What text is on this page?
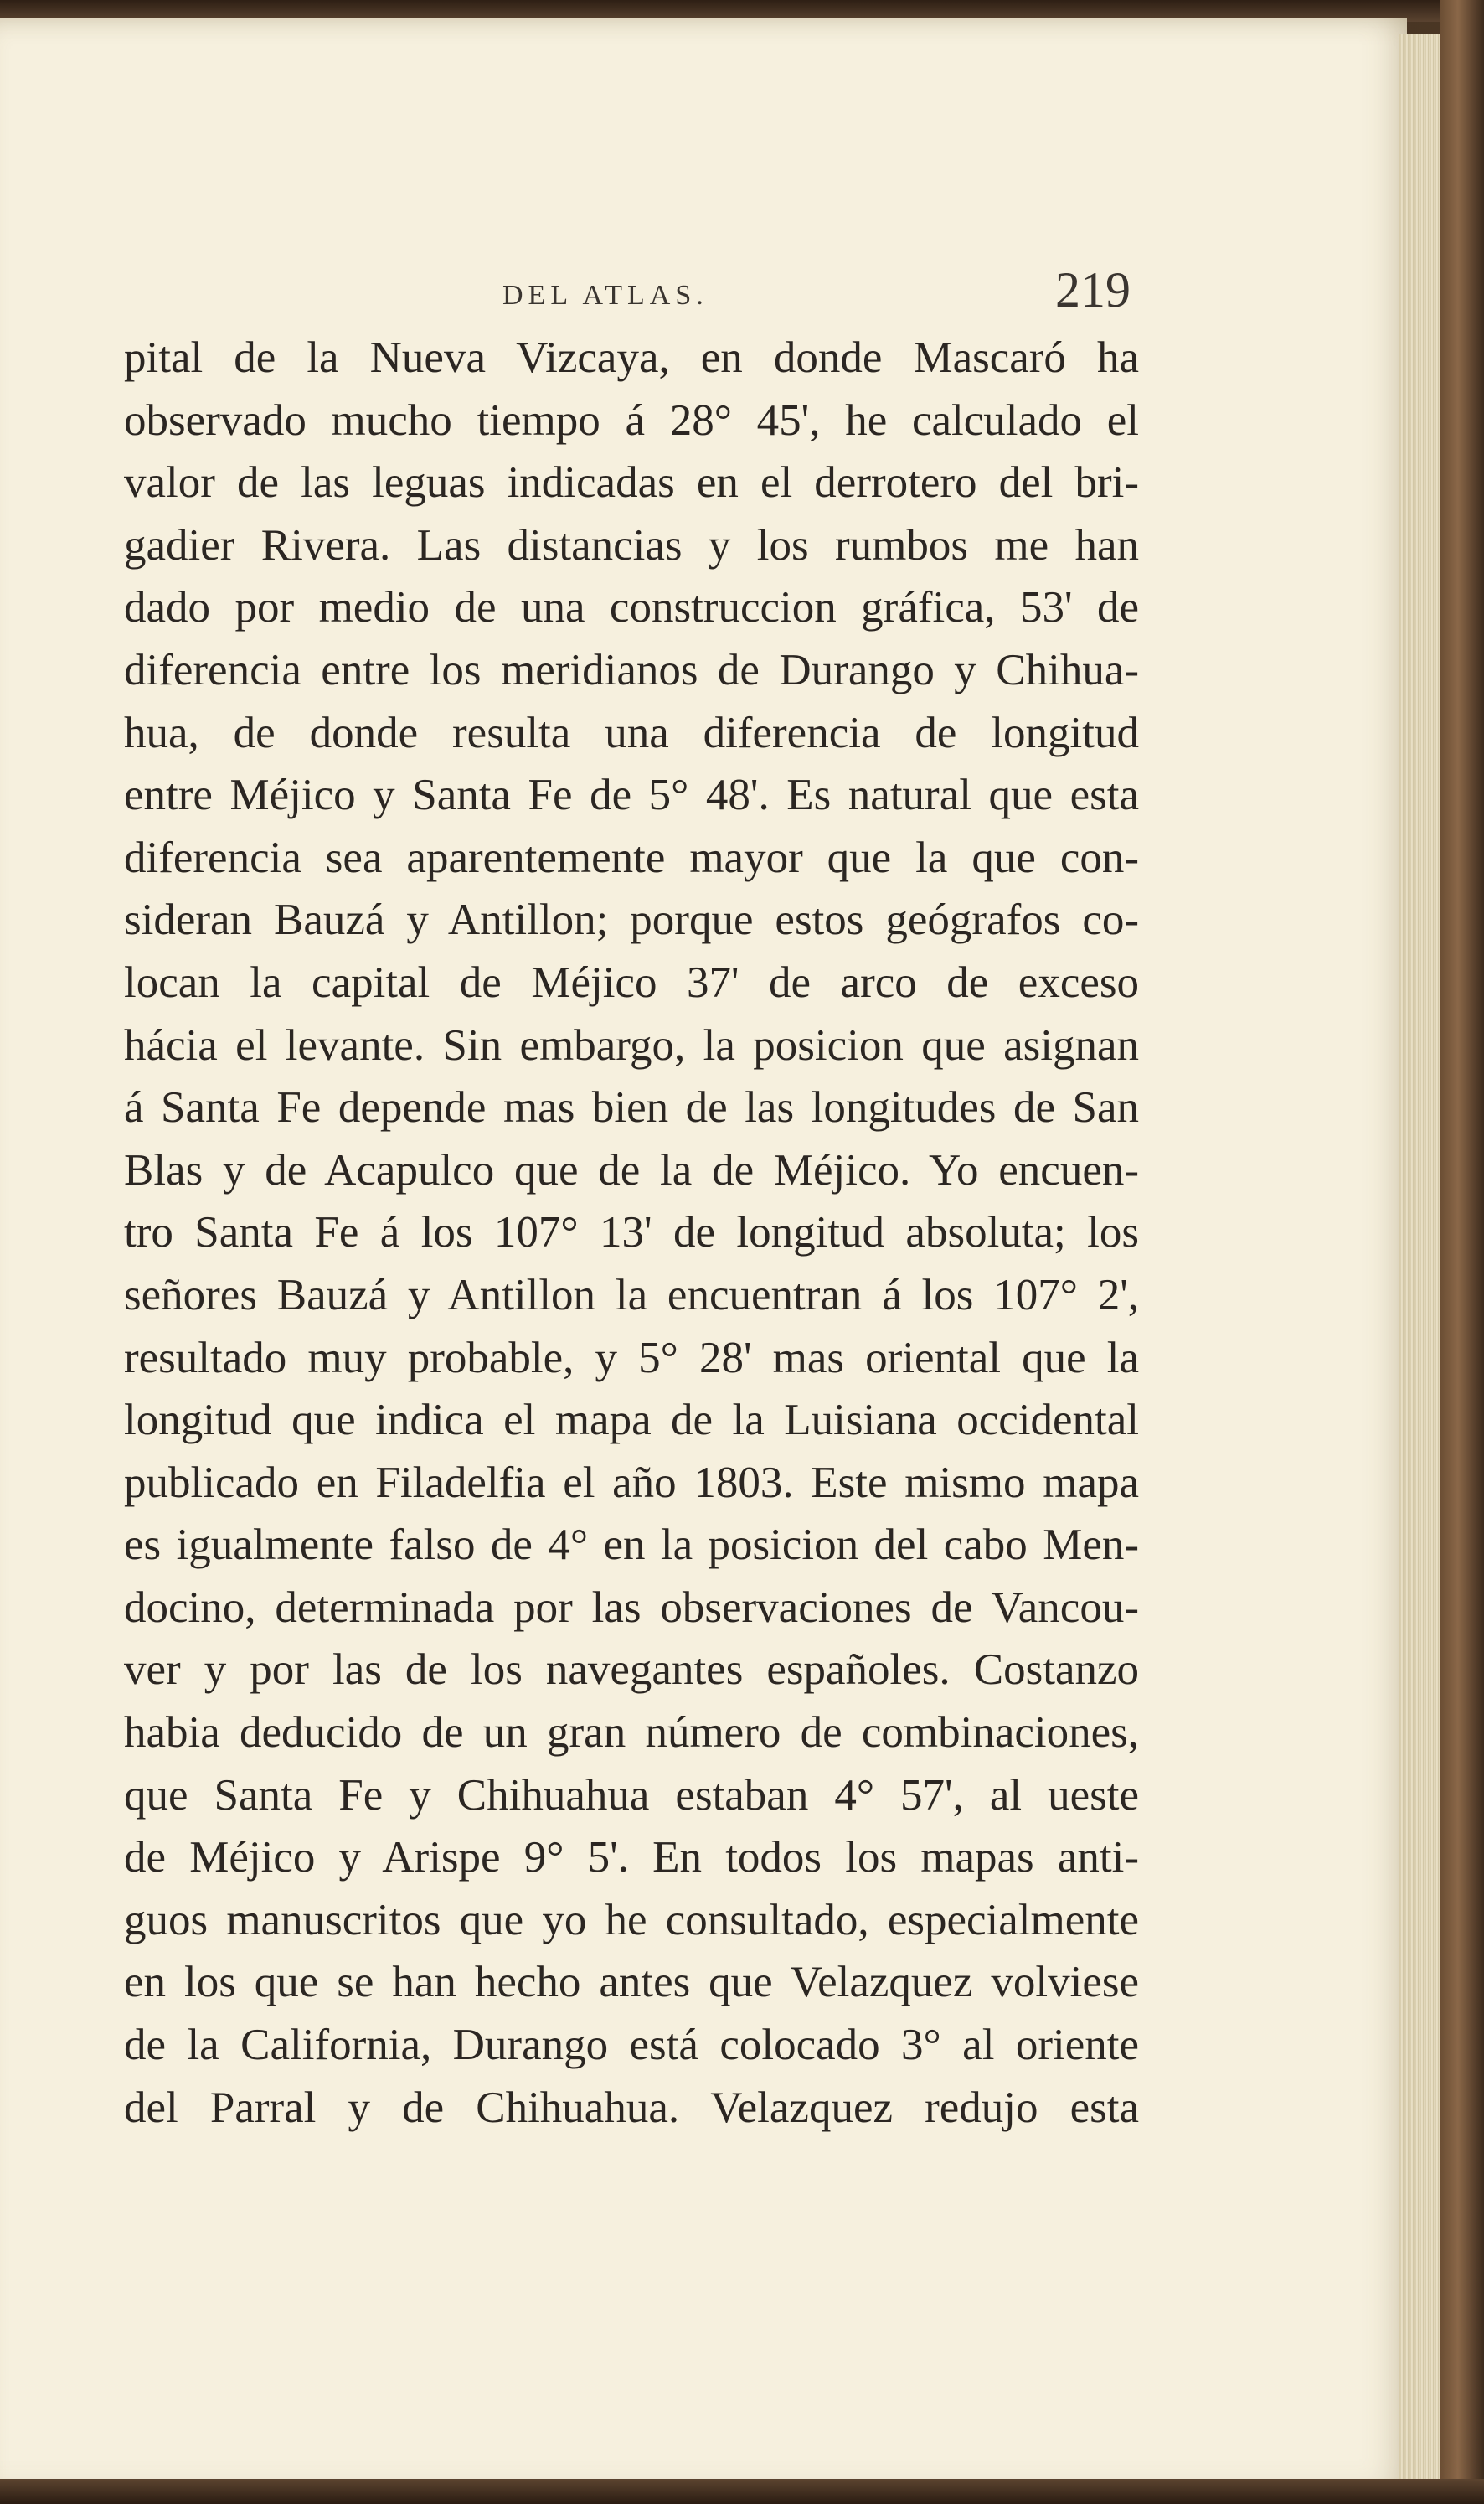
DEL ATLAS.	219
pital de la Nueva Vizcaya, en donde Mascaró ha
observado mucho tiempo á 28° 45', he calculado el
valor de las leguas indicadas en el derrotero del bri-
gadier Rivera. Las distancias y los rumbos me han
dado por medio de una construccion gráfica, 53' de
diferencia entre los meridianos de Durango y Chihua-
hua, de donde resulta una diferencia de longitud
entre Méjico y Santa Fe de 5° 48'. Es natural que esta
diferencia sea aparentemente mayor que la que con-
sideran Bauzá y Antillon; porque estos geógrafos co-
locan la capital de Méjico 37' de arco de exceso
hácia el levante. Sin embargo, la posicion que asignan
á Santa Fe depende mas bien de las longitudes de San
Blas y de Acapulco que de la de Méjico. Yo encuen-
tro Santa Fe á los 107° 13' de longitud absoluta; los
señores Bauzá y Antillon la encuentran á los 107° 2',
resultado muy probable, y 5° 28' mas oriental que la
longitud que indica el mapa de la Luisiana occidental
publicado en Filadelfia el año 1803. Este mismo mapa
es igualmente falso de 4° en la posicion del cabo Men-
docino, determinada por las observaciones de Vancou-
ver y por las de los navegantes españoles. Costanzo
habia deducido de un gran número de combinaciones,
que Santa Fe y Chihuahua estaban 4° 57', al ueste
de Méjico y Arispe 9° 5'. En todos los mapas anti-
guos manuscritos que yo he consultado, especialmente
en los que se han hecho antes que Velazquez volviese
de la California, Durango está colocado 3° al oriente
del Parral y de Chihuahua. Velazquez redujo esta
